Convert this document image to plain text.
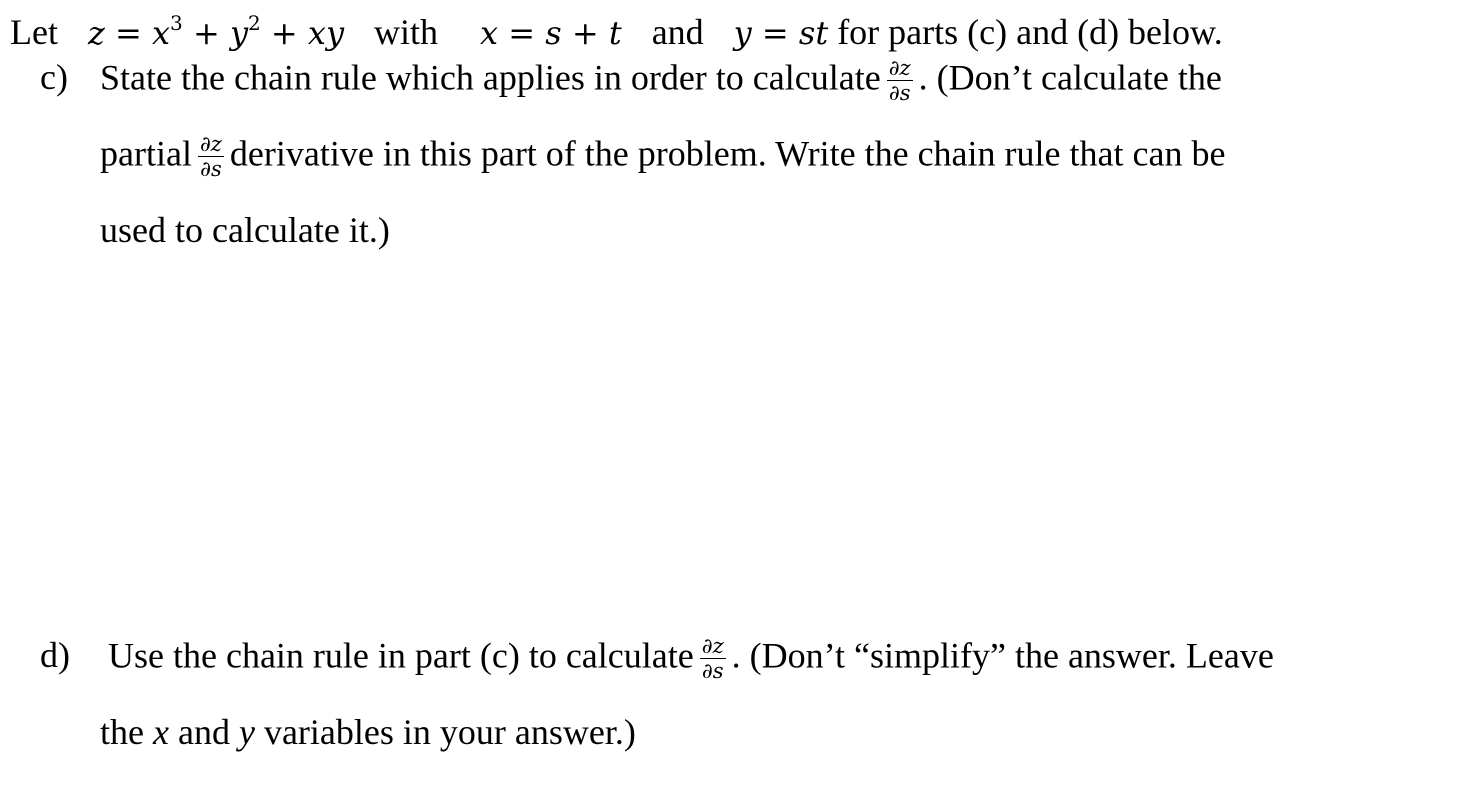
Let $z = x^3 + y^2$ + xy with x = s + t and y = st for parts (c) and (d) below.
c) State the chain rule which applies in order to calculate $\frac{\partial z}{\partial s}$ . (Don’t calculate the
partial $\frac{\partial z}{\partial s}$ derivative in this part of the problem. Write the chain rule that can be
used to calculate it.)
d) Use the chain rule in part (c) to calculate $\frac{\partial z}{\partial s}$ . (Don’t “simplify” the answer. Leave
the x and y variables in your answer.)
